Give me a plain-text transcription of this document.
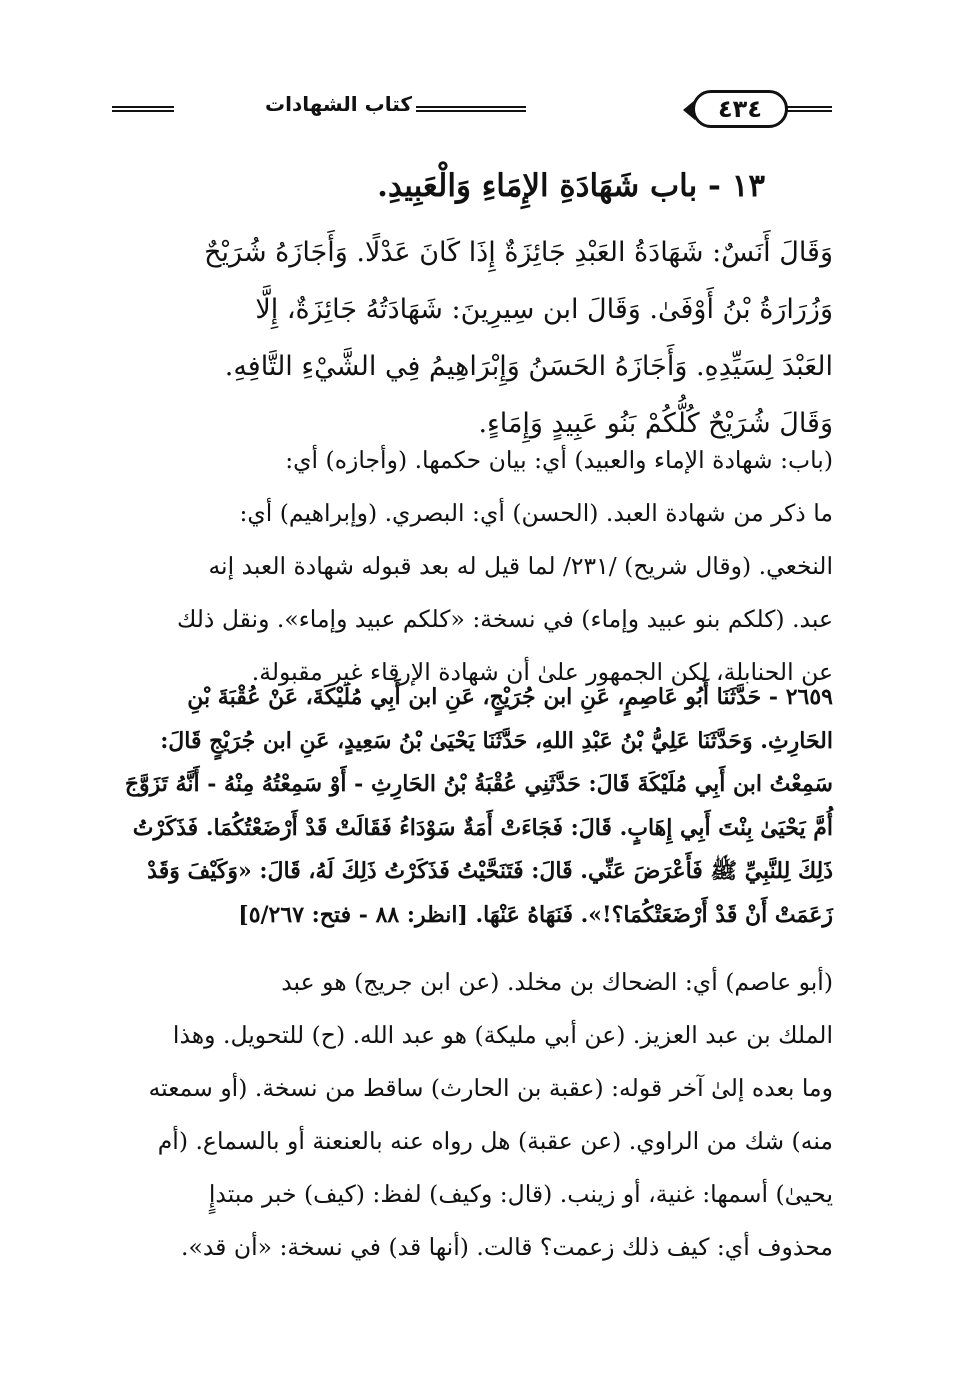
٤٣٤
كتاب الشهادات
١٣ - باب شَهَادَةِ الإِمَاءِ وَالْعَبِيدِ.

وَقَالَ أَنَسٌ: شَهَادَةُ العَبْدِ جَائِزَةٌ إِذَا كَانَ عَدْلًا. وَأَجَازَهُ شُرَيْحٌ

وَزُرَارَةُ بْنُ أَوْفَىٰ. وَقَالَ ابن سِيرِينَ: شَهَادَتُهُ جَائِزَةٌ، إِلَّا

العَبْدَ لِسَيِّدِهِ. وَأَجَازَهُ الحَسَنُ وَإِبْرَاهِيمُ فِي الشَّيْءِ التَّافِهِ.

وَقَالَ شُرَيْحٌ كُلُّكُمْ بَنُو عَبِيدٍ وَإِمَاءٍ.

(باب: شهادة الإماء والعبيد) أي: بيان حكمها. (وأجازه) أي:

ما ذكر من شهادة العبد. (الحسن) أي: البصري. (وإبراهيم) أي:

النخعي. (وقال شريح) /٢٣١/ لما قيل له بعد قبوله شهادة العبد إنه

عبد. (كلكم بنو عبيد وإماء) في نسخة: «كلكم عبيد وإماء». ونقل ذلك

عن الحنابلة، لكن الجمهور علىٰ أن شهادة الإرقاء غير مقبولة.

٢٦٥٩ - حَدَّثَنَا أَبُو عَاصِمٍ، عَنِ ابن جُرَيْجٍ، عَنِ ابن أَبِي مُلَيْكَةَ، عَنْ عُقْبَةَ بْنِ

الحَارِثِ. وَحَدَّثَنَا عَلِيُّ بْنُ عَبْدِ اللهِ، حَدَّثَنَا يَحْيَىٰ بْنُ سَعِيدٍ، عَنِ ابن جُرَيْجٍ قَالَ:

سَمِعْتُ ابن أَبِي مُلَيْكَةَ قَالَ: حَدَّثَنِي عُقْبَةُ بْنُ الحَارِثِ - أَوْ سَمِعْتُهُ مِنْهُ - أَنَّهُ تَزَوَّجَ

أُمَّ يَحْيَىٰ بِنْتَ أَبِي إِهَابٍ. قَالَ: فَجَاءَتْ أَمَةٌ سَوْدَاءُ فَقَالَتْ قَدْ أَرْضَعْتُكُمَا. فَذَكَرْتُ

ذَلِكَ لِلنَّبِيِّ ﷺ فَأَعْرَضَ عَنِّي. قَالَ: فَتَنَحَّيْتُ فَذَكَرْتُ ذَلِكَ لَهُ، قَالَ: «وَكَيْفَ وَقَدْ

زَعَمَتْ أَنْ قَدْ أَرْضَعَتْكُمَا؟!». فَنَهَاهُ عَنْهَا. [انظر: ٨٨ - فتح: ٥/٢٦٧]

(أبو عاصم) أي: الضحاك بن مخلد. (عن ابن جريج) هو عبد

الملك بن عبد العزيز. (عن أبي مليكة) هو عبد الله. (ح) للتحويل. وهذا

وما بعده إلىٰ آخر قوله: (عقبة بن الحارث) ساقط من نسخة. (أو سمعته

منه) شك من الراوي. (عن عقبة) هل رواه عنه بالعنعنة أو بالسماع. (أم

يحيىٰ) أسمها: غنية، أو زينب. (قال: وكيف) لفظ: (كيف) خبر مبتدإٍ

محذوف أي: كيف ذلك زعمت؟ قالت. (أنها قد) في نسخة: «أن قد».
